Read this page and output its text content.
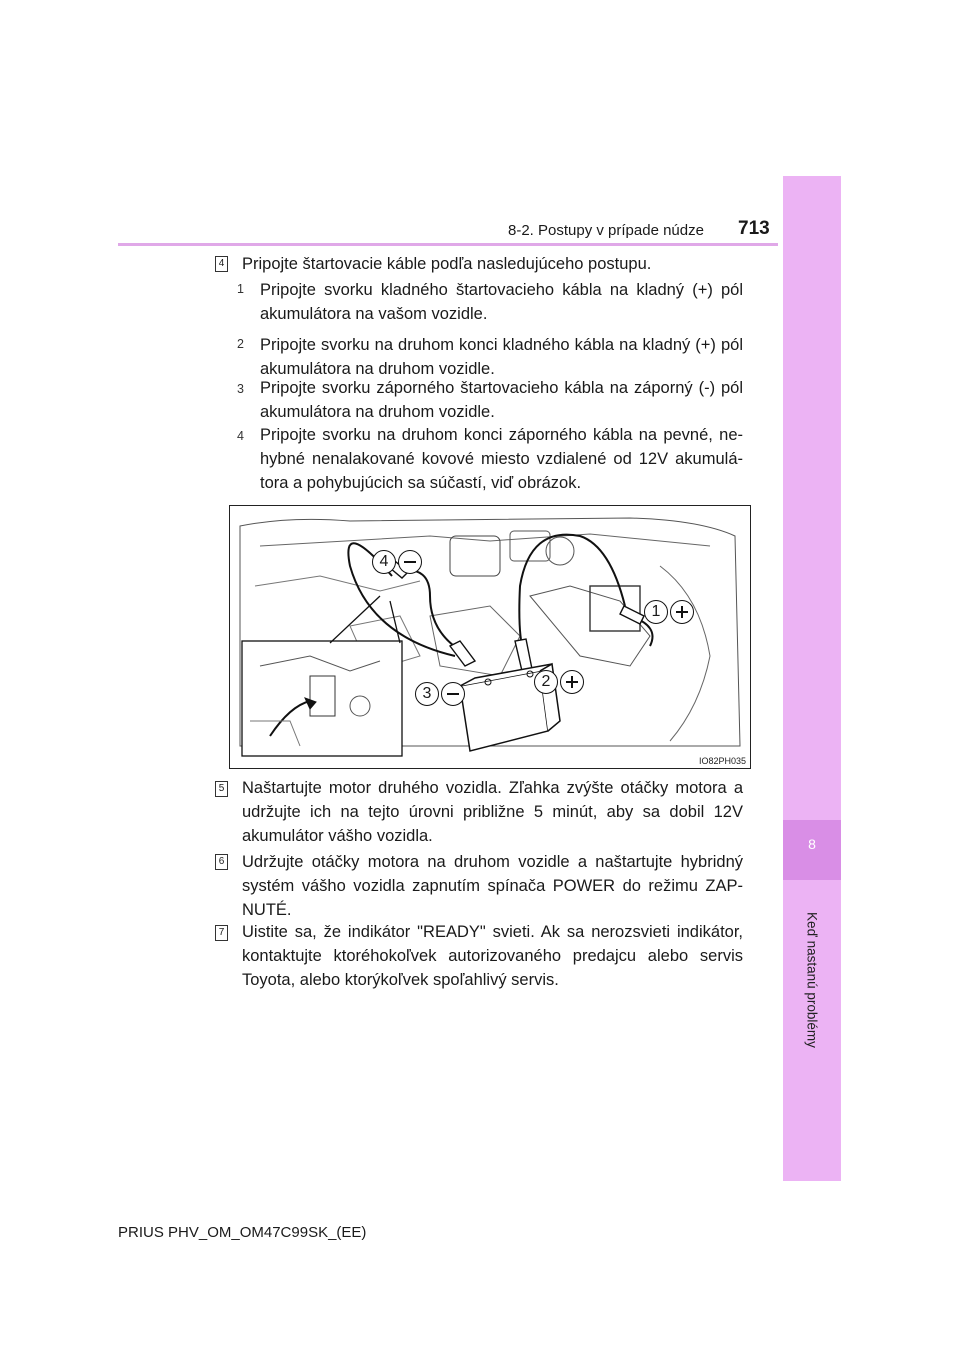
8-2. Postupy v prípade núdze 713
8
Keď nastanú problémy
4 Pripojte štartovacie káble podľa nasledujúceho postupu.
1 Pripojte svorku kladného štartovacieho kábla na kladný (+) pól akumulátora na vašom vozidle.
2 Pripojte svorku na druhom konci kladného kábla na kladný (+) pól akumulátora na druhom vozidle.
3 Pripojte svorku záporného štartovacieho kábla na záporný (-) pól akumulátora na druhom vozidle.
4 Pripojte svorku na druhom konci záporného kábla na pevné, ne-hybné nenalakované kovové miesto vzdialené od 12V akumulá-tora a pohybujúcich sa súčastí, viď obrázok.
4
1
3
2
IO82PH035
5 Naštartujte motor druhého vozidla. Zľahka zvýšte otáčky motora a udržujte ich na tejto úrovni približne 5 minút, aby sa dobil 12V akumulátor vášho vozidla.
6 Udržujte otáčky motora na druhom vozidle a naštartujte hybridný systém vášho vozidla zapnutím spínača POWER do režimu ZAP-NUTÉ.
7 Uistite sa, že indikátor "READY" svieti. Ak sa nerozsvieti indikátor, kontaktujte ktoréhokoľvek autorizovaného predajcu alebo servis Toyota, alebo ktorýkoľvek spoľahlivý servis.
PRIUS PHV_OM_OM47C99SK_(EE)
